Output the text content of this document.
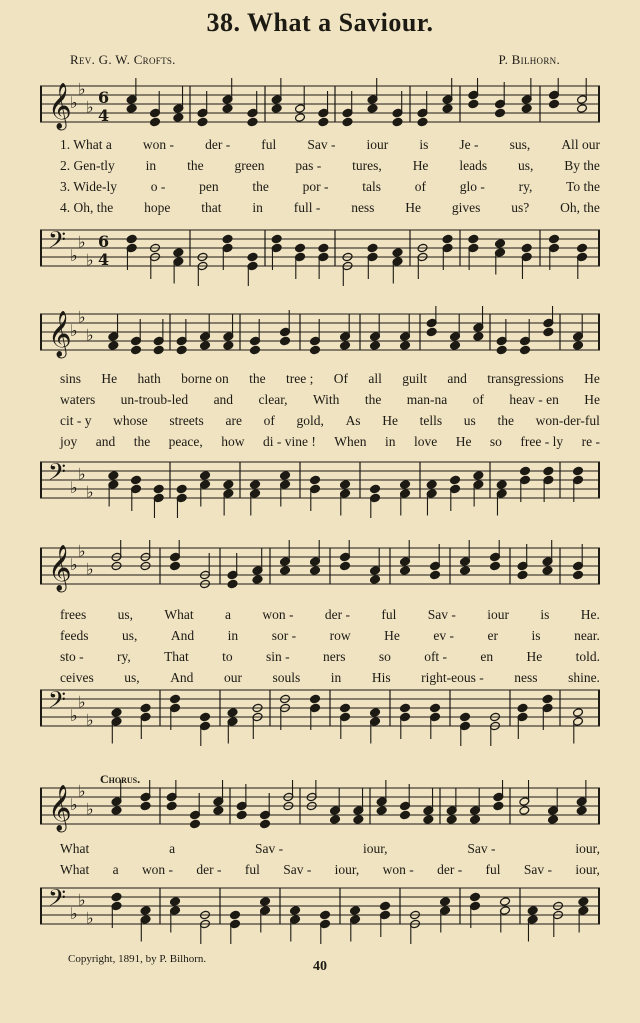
38. What a Saviour.
Rev. G. W. Crofts.	P. Bilhorn.
𝄞
♭
♭
♭ 6
4
1. What a won - der - ful Sav - iour is Je - sus, All our
2. Gen-tly in the green pas - tures, He leads us, By the
3. Wide-ly	o -	pen	the	por -	tals	of	glo -	ry,	To the
4. Oh, the hope that in full - ness He gives us? Oh, the
𝄢 ♭
♭
♭
6
4
𝄞
♭
♭
♭
sins He hath borne on the tree ; Of all guilt and transgressions He
waters un-troub-led and clear, With the man-na of heav - en He
cit - y whose streets are of gold, As He tells us the won-der-ful
joy and the peace, how di - vine ! When in love He so free - ly re -
𝄢 ♭
♭
♭
𝄞
♭
♭
♭
frees us, What a won - der - ful Sav - iour is He.
feeds us, And in sor - row He ev - er is near.
sto - ry, That to sin - ners so oft - en He told.
ceives us, And our souls in His right-eous - ness shine.
𝄢 ♭
♭
♭
Chorus.
𝄞
♭
♭
♭
What	a	Sav -	iour,	Sav -	iour,
What a won - der - ful Sav - iour, won - der - ful Sav - iour,
𝄢 ♭
♭
♭
Copyright, 1891, by P. Bilhorn.	40
